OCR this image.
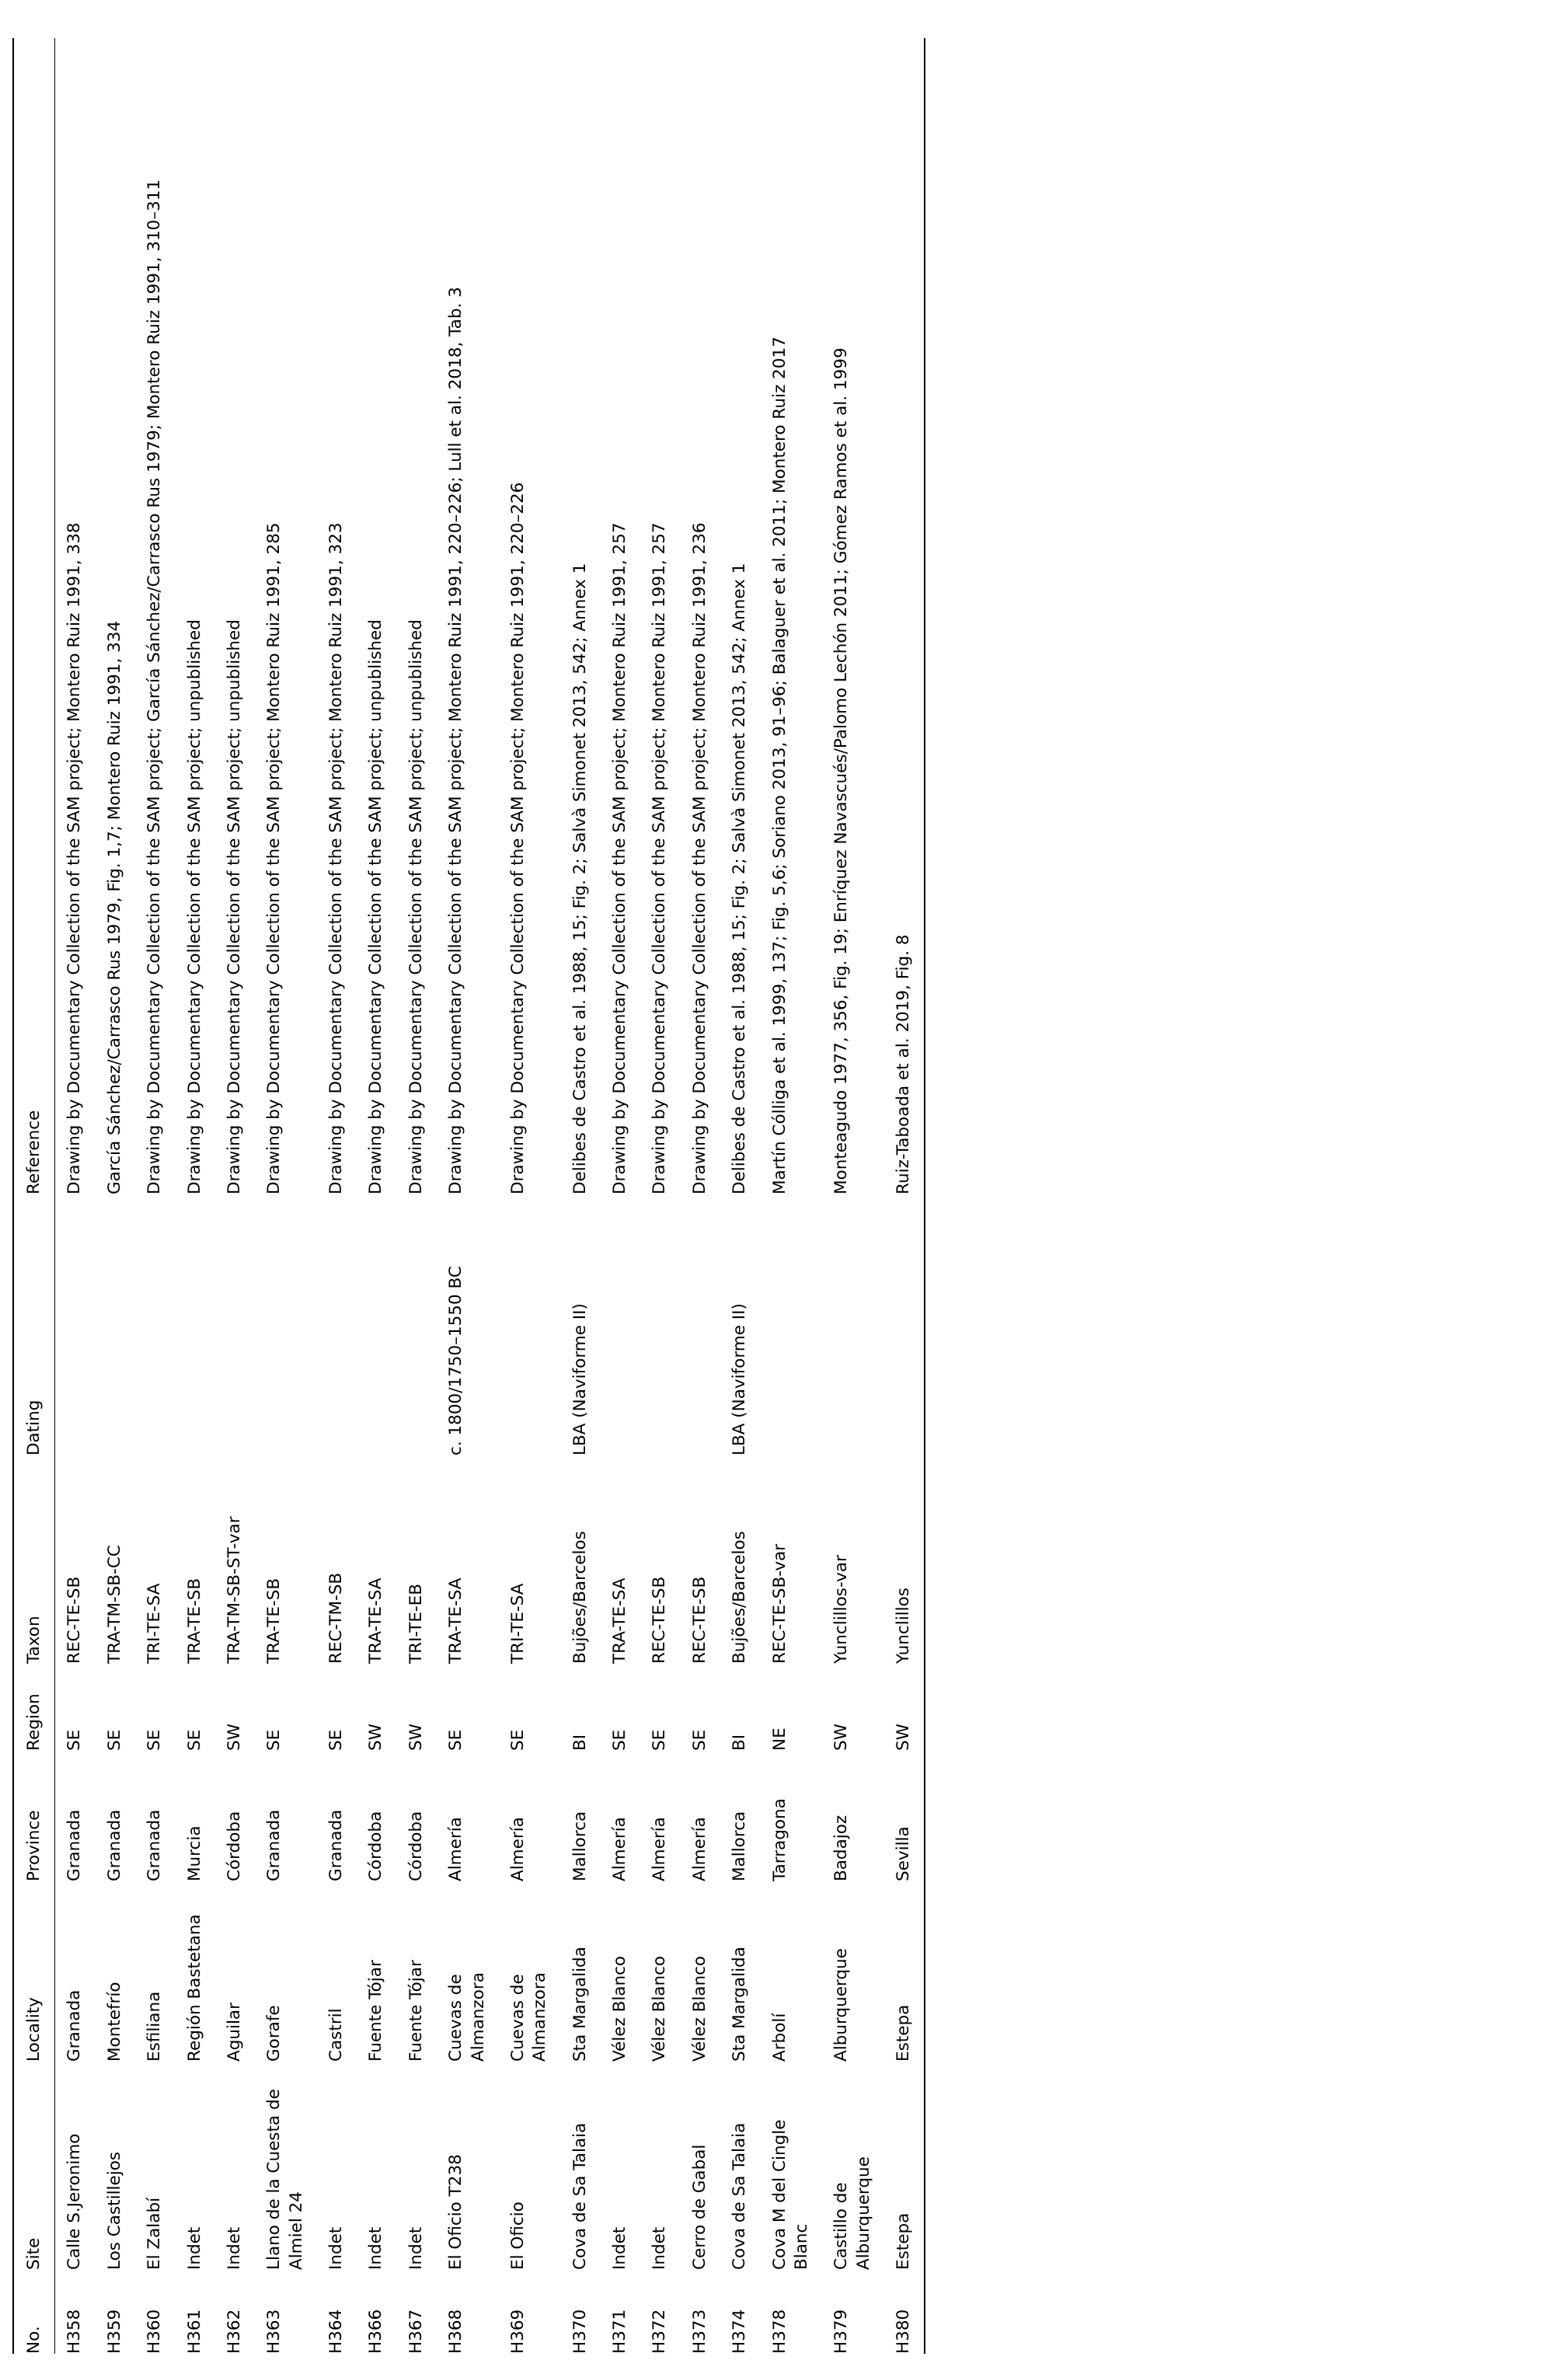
No.	Site	Locality	Province	Region	Taxon	Dating	Reference
H358	Calle S.Jeronimo	Granada	Granada	SE	REC-TE-SB		Drawing by Documentary Collection of the SAM project; Montero Ruiz 1991, 338
H359	Los Castillejos	Montefrío	Granada	SE	TRA-TM-SB-CC		García Sánchez/Carrasco Rus 1979, Fig. 1,7; Montero Ruiz 1991, 334
H360	El Zalabí	Esfiliana	Granada	SE	TRI-TE-SA		Drawing by Documentary Collection of the SAM project; García Sánchez/Carrasco Rus 1979; Montero Ruiz 1991, 310–311
H361	Indet	Región Bastetana	Murcia	SE	TRA-TE-SB		Drawing by Documentary Collection of the SAM project; unpublished
H362	Indet	Aguilar	Córdoba	SW	TRA-TM-SB-ST-var		Drawing by Documentary Collection of the SAM project; unpublished
H363	Llano de la Cuesta de Almiel 24	Gorafe	Granada	SE	TRA-TE-SB		Drawing by Documentary Collection of the SAM project; Montero Ruiz 1991, 285
H364	Indet	Castril	Granada	SE	REC-TM-SB		Drawing by Documentary Collection of the SAM project; Montero Ruiz 1991, 323
H366	Indet	Fuente Tójar	Córdoba	SW	TRA-TE-SA		Drawing by Documentary Collection of the SAM project; unpublished
H367	Indet	Fuente Tójar	Córdoba	SW	TRI-TE-EB		Drawing by Documentary Collection of the SAM project; unpublished
H368	El Oficio T238	Cuevas de Almanzora	Almería	SE	TRA-TE-SA	c. 1800/1750–1550 BC	Drawing by Documentary Collection of the SAM project; Montero Ruiz 1991, 220–226; Lull et al. 2018, Tab. 3
H369	El Oficio	Cuevas de Almanzora	Almería	SE	TRI-TE-SA		Drawing by Documentary Collection of the SAM project; Montero Ruiz 1991, 220–226
H370	Cova de Sa Talaia	Sta Margalida	Mallorca	BI	Bujões/Barcelos	LBA (Naviforme II)	Delibes de Castro et al. 1988, 15; Fig. 2; Salvà Simonet 2013, 542; Annex 1
H371	Indet	Vélez Blanco	Almería	SE	TRA-TE-SA		Drawing by Documentary Collection of the SAM project; Montero Ruiz 1991, 257
H372	Indet	Vélez Blanco	Almería	SE	REC-TE-SB		Drawing by Documentary Collection of the SAM project; Montero Ruiz 1991, 257
H373	Cerro de Gabal	Vélez Blanco	Almería	SE	REC-TE-SB		Drawing by Documentary Collection of the SAM project; Montero Ruiz 1991, 236
H374	Cova de Sa Talaia	Sta Margalida	Mallorca	BI	Bujões/Barcelos	LBA (Naviforme II)	Delibes de Castro et al. 1988, 15; Fig. 2; Salvà Simonet 2013, 542; Annex 1
H378	Cova M del Cingle Blanc	Arbolí	Tarragona	NE	REC-TE-SB-var		Martín Cólliga et al. 1999, 137; Fig. 5,6; Soriano 2013, 91–96; Balaguer et al. 2011; Montero Ruiz 2017
H379	Castillo de Alburquerque	Alburquerque	Badajoz	SW	Yunclillos-var		Monteagudo 1977, 356, Fig. 19; Enríquez Navascués/Palomo Lechón 2011; Gómez Ramos et al. 1999
H380	Estepa	Estepa	Sevilla	SW	Yunclillos		Ruiz-Taboada et al. 2019, Fig. 8
